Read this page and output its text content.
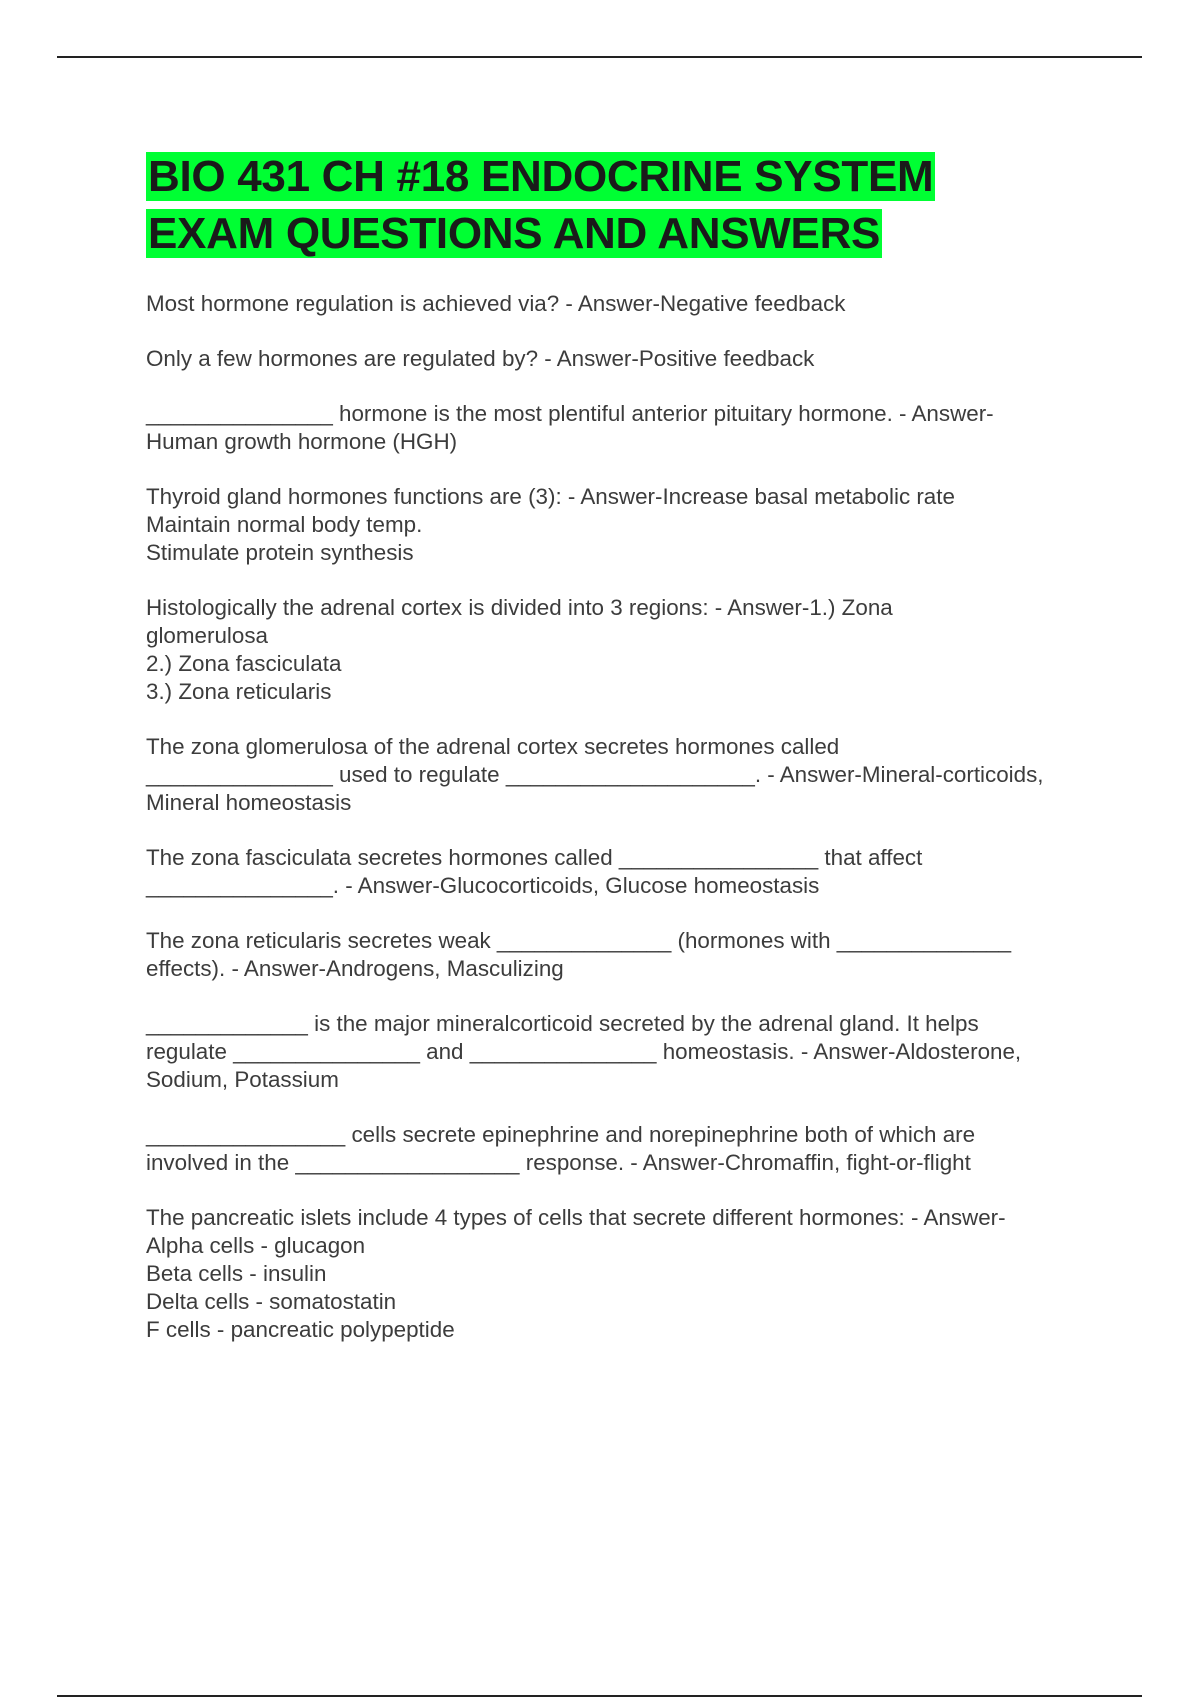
BIO 431 CH #18 ENDOCRINE SYSTEM
EXAM QUESTIONS AND ANSWERS
Most hormone regulation is achieved via? - Answer-Negative feedback
Only a few hormones are regulated by? - Answer-Positive feedback
_______________ hormone is the most plentiful anterior pituitary hormone. - Answer-
Human growth hormone (HGH)
Thyroid gland hormones functions are (3): - Answer-Increase basal metabolic rate
Maintain normal body temp.
Stimulate protein synthesis
Histologically the adrenal cortex is divided into 3 regions: - Answer-1.) Zona
glomerulosa
2.) Zona fasciculata
3.) Zona reticularis
The zona glomerulosa of the adrenal cortex secretes hormones called
_______________ used to regulate ____________________. - Answer-Mineral-corticoids,
Mineral homeostasis
The zona fasciculata secretes hormones called ________________ that affect
_______________. - Answer-Glucocorticoids, Glucose homeostasis
The zona reticularis secretes weak ______________ (hormones with ______________
effects). - Answer-Androgens, Masculizing
_____________ is the major mineralcorticoid secreted by the adrenal gland. It helps
regulate _______________ and _______________ homeostasis. - Answer-Aldosterone,
Sodium, Potassium
________________ cells secrete epinephrine and norepinephrine both of which are
involved in the __________________ response. - Answer-Chromaffin, fight-or-flight
The pancreatic islets include 4 types of cells that secrete different hormones: - Answer-
Alpha cells - glucagon
Beta cells - insulin
Delta cells - somatostatin
F cells - pancreatic polypeptide
